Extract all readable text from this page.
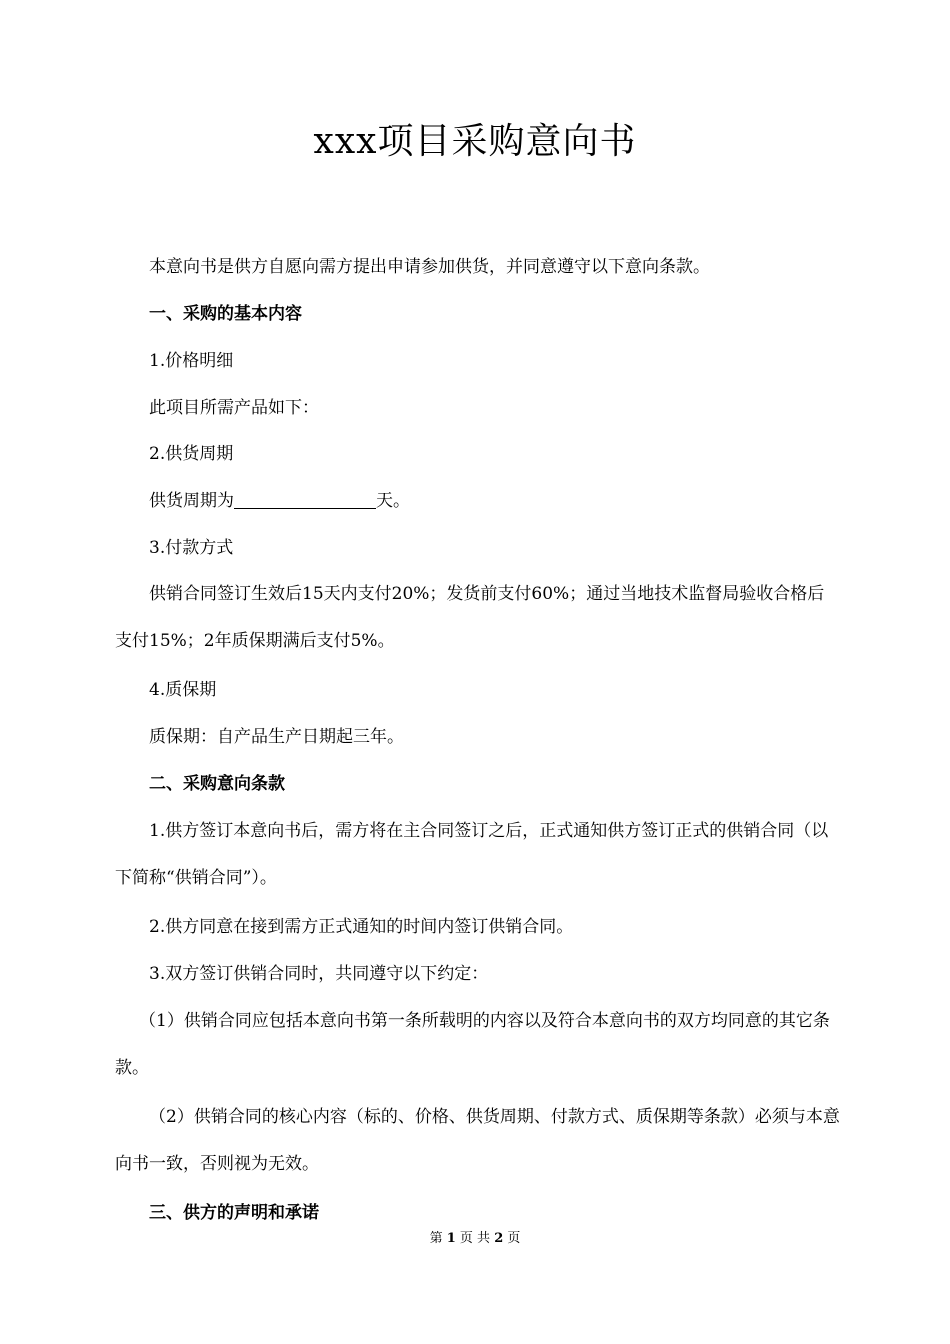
xxx项目采购意向书

本意向书是供方自愿向需方提出申请参加供货，并同意遵守以下意向条款。

一、采购的基本内容

1.价格明细

此项目所需产品如下：

2.供货周期

供货周期为	天。

3.付款方式

供销合同签订生效后15天内支付20%；发货前支付60%；通过当地技术监督局验收合格后支付15%；2年质保期满后支付5%。

4.质保期

质保期：自产品生产日期起三年。

二、采购意向条款

1.供方签订本意向书后，需方将在主合同签订之后，正式通知供方签订正式的供销合同（以下简称“供销合同”）。

2.供方同意在接到需方正式通知的时间内签订供销合同。

3.双方签订供销合同时，共同遵守以下约定：

（1）供销合同应包括本意向书第一条所载明的内容以及符合本意向书的双方均同意的其它条款。

（2）供销合同的核心内容（标的、价格、供货周期、付款方式、质保期等条款）必须与本意向书一致，否则视为无效。

三、供方的声明和承诺

第 1 页 共 2 页
